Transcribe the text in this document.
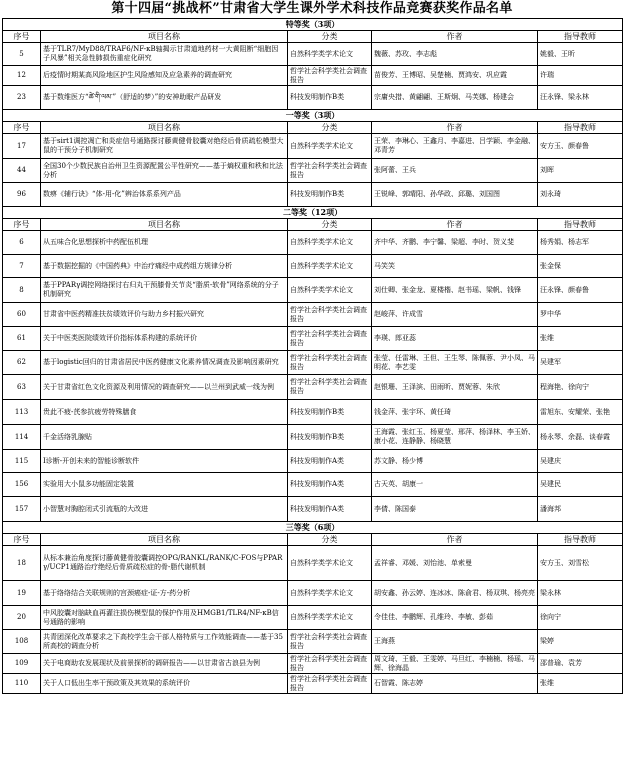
第十四届“挑战杯”甘肃省大学生课外学术科技作品竞赛获奖作品名单
特等奖（3项）				
序号	项目名称	分类	作者	指导教师
5	基于TLR7/MyD88/TRAF6/NF-κB轴揭示甘肃道地药材一大黄阻断“细胞因子风暴”相关急性肺损伤重症化研究	自然科学类学术论文	魏薇、苏玫、李志彪	姚毅、王昕
12	后疫情时期某高风险地区护生风险感知及应急素养的调查研究	哲学社会科学类社会调查报告	苗俊芳、王博昭、吴楚楠、贾鸿安、巩应霞	许瑞
23	基于数维医方“ཚེ་གི་ལམ་”（舒适的梦）”的安神助眠产品研发	科技发明制作B类	宗庸央措、黄翩翩、王斯炯、马芙娜、杨建会	汪永锋、梁永林
一等奖（3项）				
序号	项目名称	分类	作者	指导教师
17	基于sirt1调控凋亡和炎症信号通路探讨藤黄健骨胶囊对绝经后骨质疏松模型大鼠的干预分子机制研究	自然科学类学术论文	王荣、李琳心、王鑫月、李嘉进、吕学颖、李金融、邓青芳	安方玉、颜春鲁
44	全国30个少数民族自治州卫生资源配置公平性研究——基于熵权重和秩和比法分析	哲学社会科学类社会调查报告	张阿蕾、王兵	刘晖
96	数痹《辅行诀》“体-用-化”辨治体系系列产品	科技发明制作B类	王锐峰、郭晴阳、孙华政、邱璐、刘国图	刘永琦
二等奖（12项）				
序号	项目名称	分类	作者	指导教师
6	从五味合化思想探析中药配伍机理	自然科学类学术论文	齐中华、齐鹏、李宁馨、梁超、李时、贺义斐	杨秀娟、杨志军
7	基于数据挖掘的《中国药典》中治疗痛经中成药组方规律分析	自然科学类学术论文	马笑笑	张金保
8	基于PPARγ调控网络探讨右归丸干预膝骨关节炎“脂质-软骨”网络系统的分子机制研究	自然科学类学术论文	刘仕卿、张金龙、夏楼楷、赵书瑶、梁帆、钱锋	汪永锋、颜春鲁
60	甘肃省中医药精准扶贫绩效评价与助力乡村振兴研究	哲学社会科学类社会调查报告	赵峻萍、许成雪	罗中华
61	关于中医类医院绩效评价指标体系构建的系统评价	哲学社会科学类社会调查报告	李瑛、郎亚蕊	张维
62	基于logistic回归的甘肃省居民中医药健康文化素养情况调查及影响因素研究	哲学社会科学类社会调查报告	张莹、任雷琳、王但、王生琴、陈佩蓉、尹小凤、马明花、李艺雯	吴建军
63	关于甘肃省红色文化资源及利用情况的调查研究——以兰州到武威一线为例	哲学社会科学类社会调查报告	赵银珊、王泽滨、田雨昕、贾妮蓉、朱欣	程海艳、徐向宁
113	贵此不疲-芪参抗疲劳特殊膳食	科技发明制作B类	钱金萍、张宇环、黄任琦	雷旭东、安耀荣、张艳
114	千金活络乳腺贴	科技发明制作B类	王海霞、张红玉、杨夏莹、邢萍、杨泽林、李玉娇、康小花、连静静、杨晓慧	杨永琴、余磊、谈春霞
115	I诊断-开创未来的智能诊断软件	科技发明制作A类	苏文静、杨少博	吴建庆
156	实验用大小鼠多功能固定装置	科技发明制作A类	古天英、胡康一	吴建民
157	小智慧对胸腔闭式引流瓶的大改进	科技发明制作A类	李倩、陈国泰	潘海邦
三等奖（6项）				
序号	项目名称	分类	作者	指导教师
18	从标本兼治角度探讨藤黄健骨胶囊调控OPG/RANKL/RANK/C-FOS与PPARγ/UCP1通路治疗绝经后骨质疏松症的骨-脂代谢机制	自然科学类学术论文	孟祥睿、邓媛、刘怡池、单索曼	安方玉、刘雪松
19	基于络络结合关联规则的宫颈癌症-证-方-药分析	自然科学类学术论文	胡安鑫、孙云婷、连冰冰、陈俞君、杨双琪、杨亮亮	梁永林
20	中风胶囊对脑缺血再灌注损伤模型鼠的保护作用及HMGB1/TLR4/NF-κB信号通路的影响	自然科学类学术论文	令佳佳、李鹏辉、孔维玲、李敏、彭茹	徐向宁
108	共青团深化改革要求之下高校学生会干部人格特质与工作效能调查——基于35所高校的调查分析	哲学社会科学类社会调查报告	王海燕	梁婷
109	关于电商助农发展现状及前景探析的调研报告——以甘肃省古浪县为例	哲学社会科学类社会调查报告	周文琦、王毅、王雯婷、马旦红、李楠楠、杨瑶、马辉、徐海晶	邵普瑜、袁芳
110	关于人口低出生率干预政策及其效果的系统评价	哲学社会科学类社会调查报告	石智霞、陈志婷	张维
